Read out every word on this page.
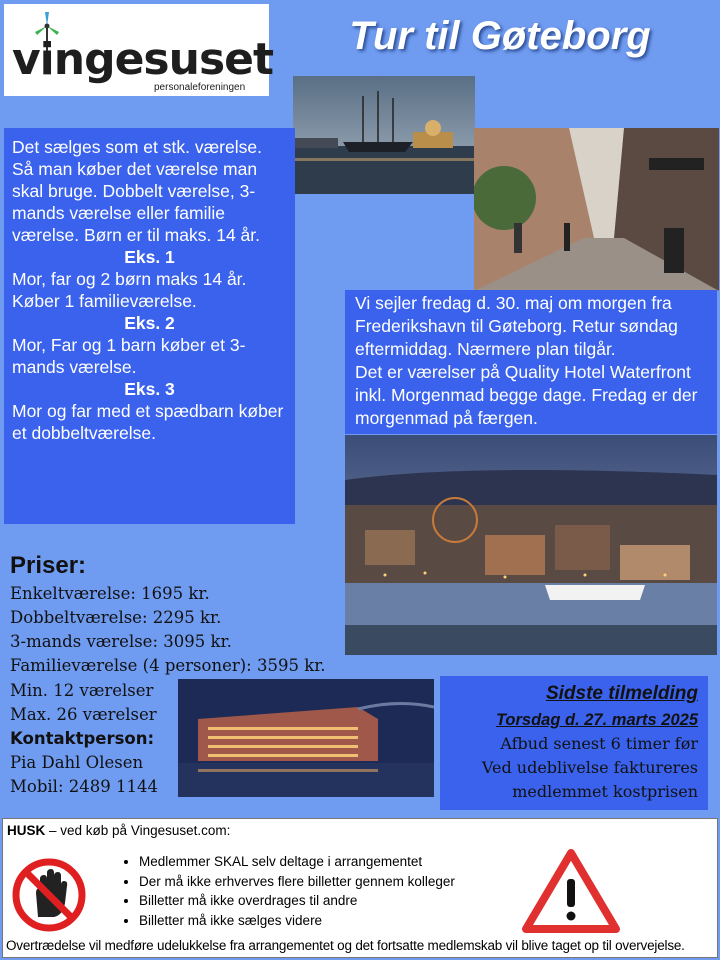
vingesuset
personaleforeningen
Tur til Gøteborg

Det sælges som et stk. værelse. Så man køber det værelse man skal bruge. Dobbelt værelse, 3-mands værelse eller familie værelse. Børn er til maks. 14 år.

Eks. 1

Mor, far og 2 børn maks 14 år. Køber 1 familieværelse.

Eks. 2

Mor, Far og 1 barn køber et 3-mands værelse.

Eks. 3

Mor og far med et spædbarn køber et dobbeltværelse.

Vi sejler fredag d. 30. maj om morgen fra Frederikshavn til Gøteborg. Retur søndag eftermiddag. Nærmere plan tilgår.

Det er værelser på Quality Hotel Waterfront inkl. Morgenmad begge dage. Fredag er der morgenmad på færgen.

Priser:
Enkeltværelse: 1695 kr.
Dobbeltværelse: 2295 kr.
3-mands værelse: 3095 kr.
Familieværelse (4 personer): 3595 kr.
Min. 12 værelser
Max. 26 værelser
Kontaktperson:
Pia Dahl Olesen
Mobil: 2489 1144
Sidste tilmelding
Torsdag d. 27. marts 2025
Afbud senest 6 timer før
Ved udeblivelse faktureres
medlemmet kostprisen
HUSK – ved køb på Vingesuset.com:
• Medlemmer SKAL selv deltage i arrangementet
• Der må ikke erhverves flere billetter gennem kolleger
• Billetter må ikke overdrages til andre
• Billetter må ikke sælges videre
Overtrædelse vil medføre udelukkelse fra arrangementet og det fortsatte medlemskab vil blive taget op til overvejelse.
